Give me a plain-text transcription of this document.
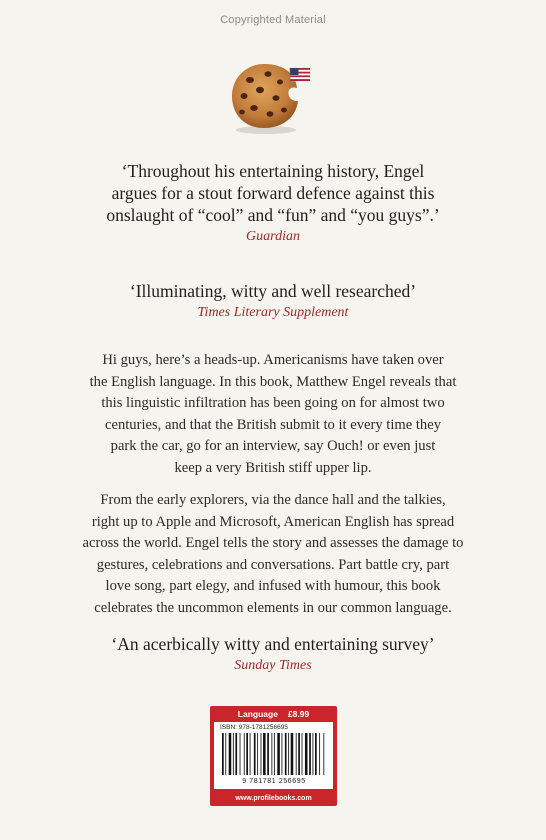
Copyrighted Material
‘Throughout his entertaining history, Engel
argues for a stout forward defence against this
onslaught of “cool” and “fun” and “you guys”.’
Guardian
‘Illuminating, witty and well researched’
Times Literary Supplement
Hi guys, here’s a heads-up. Americanisms have taken over
the English language. In this book, Matthew Engel reveals that
this linguistic infiltration has been going on for almost two
centuries, and that the British submit to it every time they
park the car, go for an interview, say Ouch! or even just
keep a very British stiff upper lip.
From the early explorers, via the dance hall and the talkies,
right up to Apple and Microsoft, American English has spread
across the world. Engel tells the story and assesses the damage to
gestures, celebrations and conversations. Part battle cry, part
love song, part elegy, and infused with humour, this book
celebrates the uncommon elements in our common language.
‘An acerbically witty and entertaining survey’
Sunday Times
Language £8.99
ISBN: 978-1781256695
9 781781 256695
www.profilebooks.com
